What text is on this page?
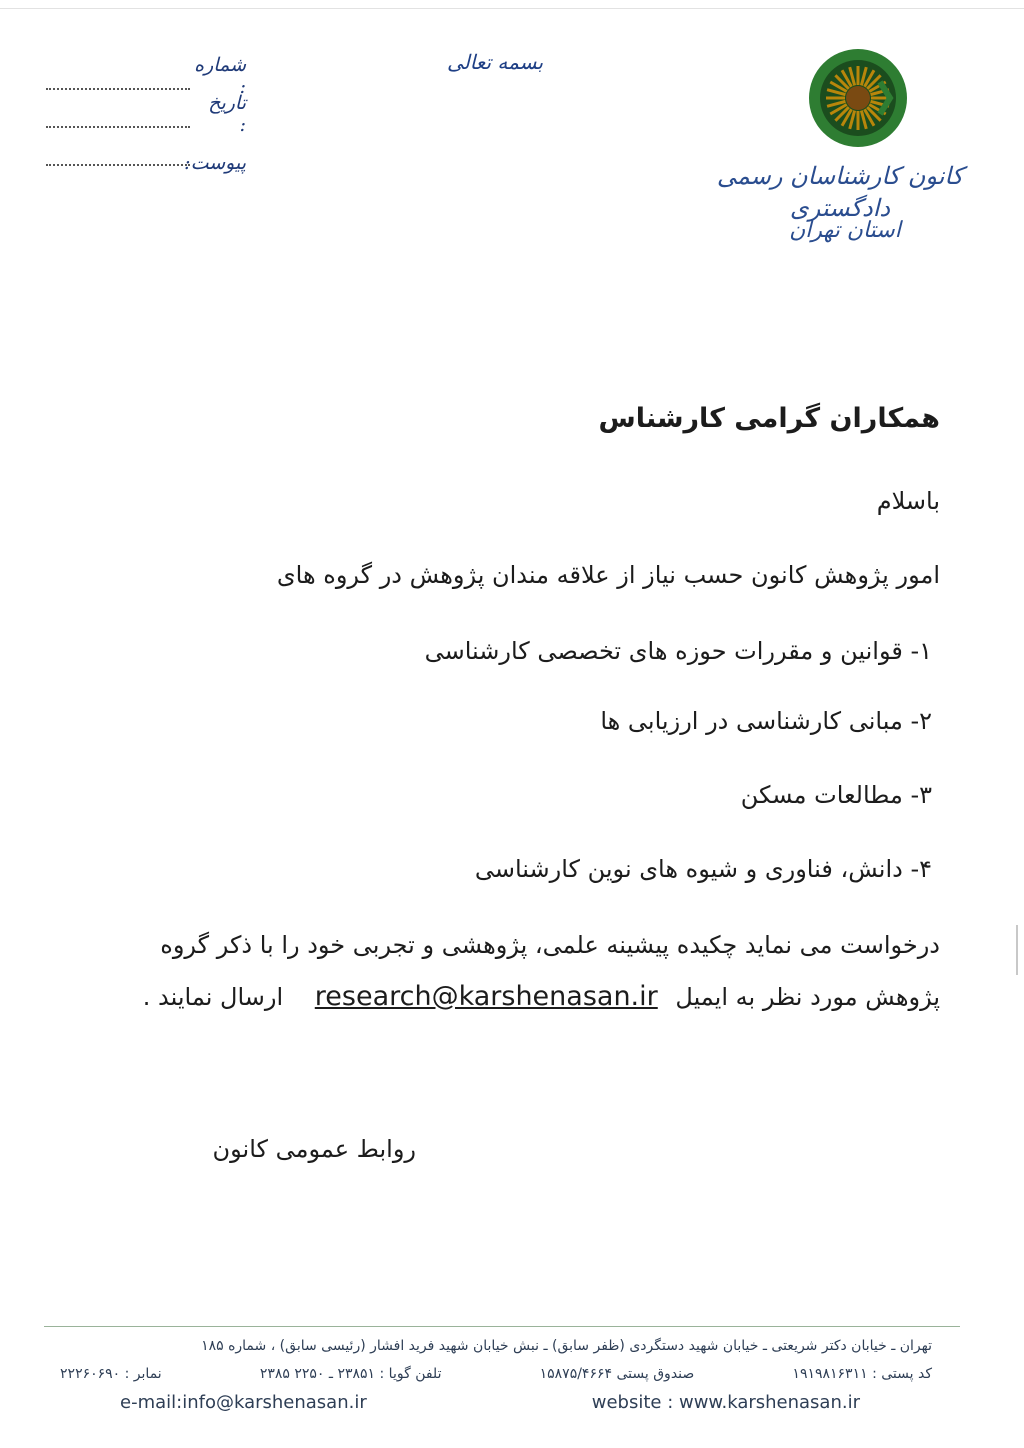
شماره :
تاریخ :
پیوست:
بسمه تعالی
کانون کارشناسان رسمی دادگستری
استان تهران
همکاران گرامی کارشناس
باسلام
امور پژوهش کانون حسب نیاز از علاقه مندان پژوهش در گروه های
۱- قوانین و مقررات حوزه های تخصصی کارشناسی
۲- مبانی کارشناسی در ارزیابی ها
۳- مطالعات مسکن
۴- دانش، فناوری و شیوه های نوین کارشناسی
درخواست می نماید چکیده پیشینه علمی، پژوهشی و تجربی خود را با ذکر گروه
پژوهش مورد نظر به ایمیل research@karshenasan.ir ارسال نمایند .
روابط عمومی کانون
تهران ـ خیابان دکتر شریعتی ـ خیابان شهید دستگردی (ظفر سابق) ـ نبش خیابان شهید فرید افشار (رئیسی سابق) ، شماره ۱۸۵
کد پستی : ۱۹۱۹۸۱۶۳۱۱
صندوق پستی ۱۵۸۷۵/۴۶۶۴
تلفن گویا : ۲۳۸۵۱ ـ ۲۲۵۰ ۲۳۸۵
نمابر : ۲۲۲۶۰۶۹۰
e-mail:info@karshenasan.ir	website : www.karshenasan.ir
